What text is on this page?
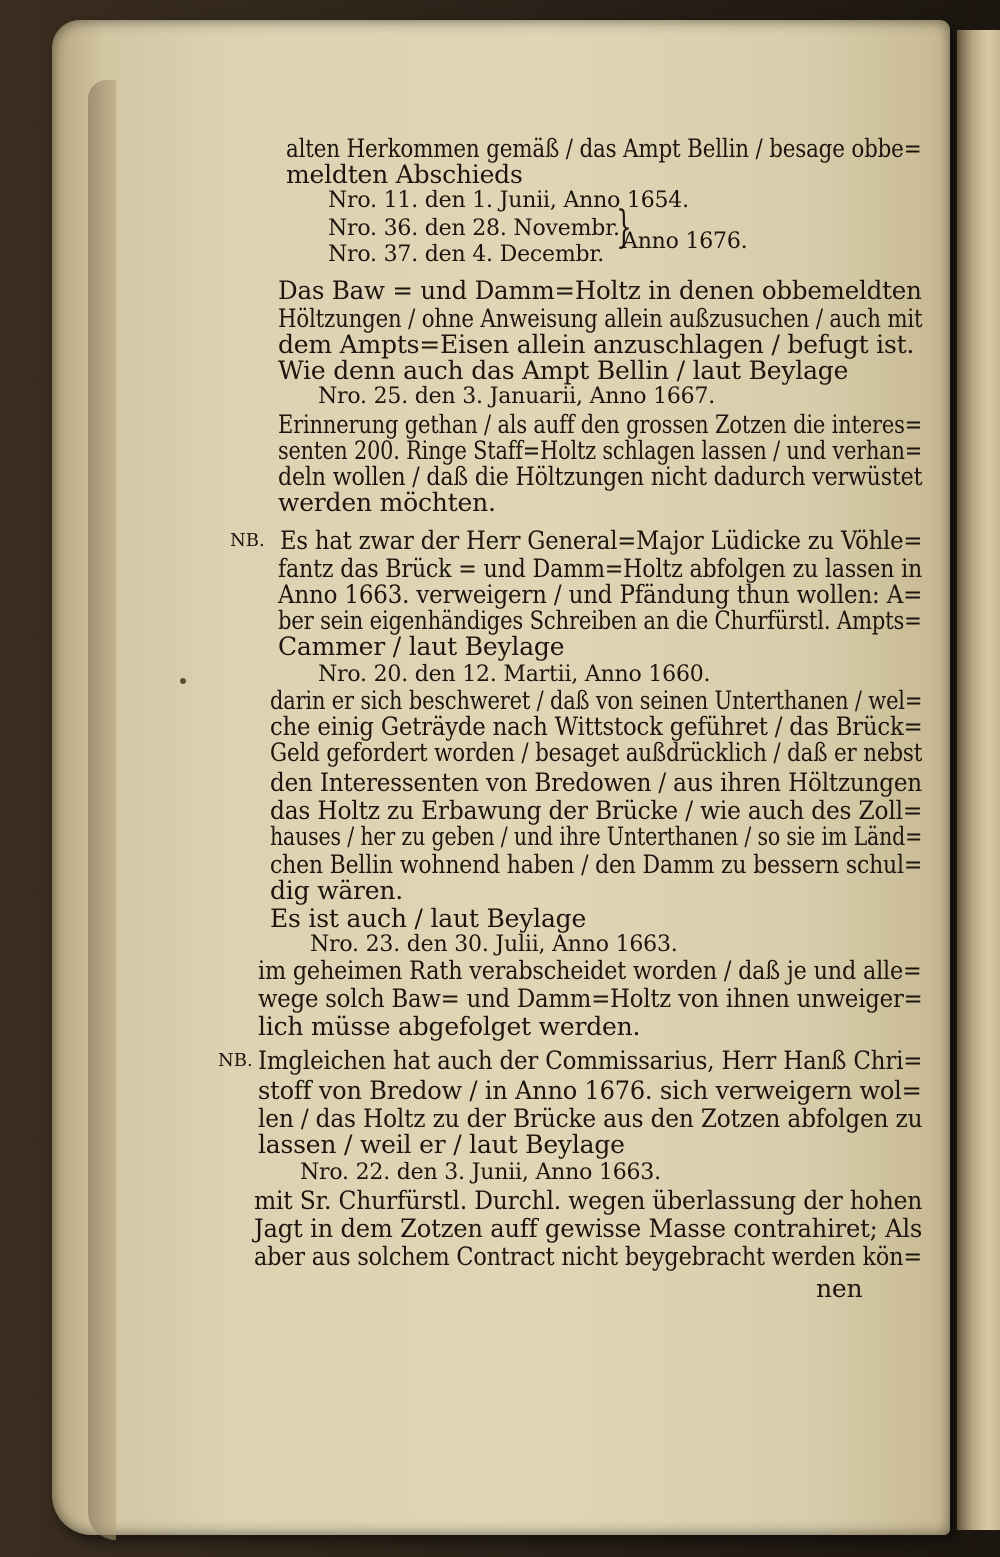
alten Herkommen gemäß / das Ampt Bellin / besage obbe=
meldten Abschieds
Nro. 11. den 1. Junii, Anno 1654.
Nro. 36. den 28. Novembr.
Nro. 37. den 4. Decembr.
}
Anno 1676.
Das Baw = und Damm=Holtz in denen obbemeldten
Höltzungen / ohne Anweisung allein außzusuchen / auch mit
dem Ampts=Eisen allein anzuschlagen / befugt ist.
Wie denn auch das Ampt Bellin / laut Beylage
Nro. 25. den 3. Januarii, Anno 1667.
Erinnerung gethan / als auff den grossen Zotzen die interes=
senten 200. Ringe Staff=Holtz schlagen lassen / und verhan=
deln wollen / daß die Höltzungen nicht dadurch verwüstet
werden möchten.
NB. Es hat zwar der Herr General=Major Lüdicke zu Vöhle=
fantz das Brück = und Damm=Holtz abfolgen zu lassen in
Anno 1663. verweigern / und Pfändung thun wollen: A=
ber sein eigenhändiges Schreiben an die Churfürstl. Ampts=
Cammer / laut Beylage
Nro. 20. den 12. Martii, Anno 1660.
darin er sich beschweret / daß von seinen Unterthanen / wel=
che einig Geträyde nach Wittstock geführet / das Brück=
Geld gefordert worden / besaget außdrücklich / daß er nebst
den Interessenten von Bredowen / aus ihren Höltzungen
das Holtz zu Erbawung der Brücke / wie auch des Zoll=
hauses / her zu geben / und ihre Unterthanen / so sie im Länd=
chen Bellin wohnend haben / den Damm zu bessern schul=
dig wären.
Es ist auch / laut Beylage
Nro. 23. den 30. Julii, Anno 1663.
im geheimen Rath verabscheidet worden / daß je und alle=
wege solch Baw= und Damm=Holtz von ihnen unweiger=
lich müsse abgefolget werden.
NB. Imgleichen hat auch der Commissarius, Herr Hanß Chri=
stoff von Bredow / in Anno 1676. sich verweigern wol=
len / das Holtz zu der Brücke aus den Zotzen abfolgen zu
lassen / weil er / laut Beylage
Nro. 22. den 3. Junii, Anno 1663.
mit Sr. Churfürstl. Durchl. wegen überlassung der hohen
Jagt in dem Zotzen auff gewisse Masse contrahiret; Als
aber aus solchem Contract nicht beygebracht werden kön=
nen
